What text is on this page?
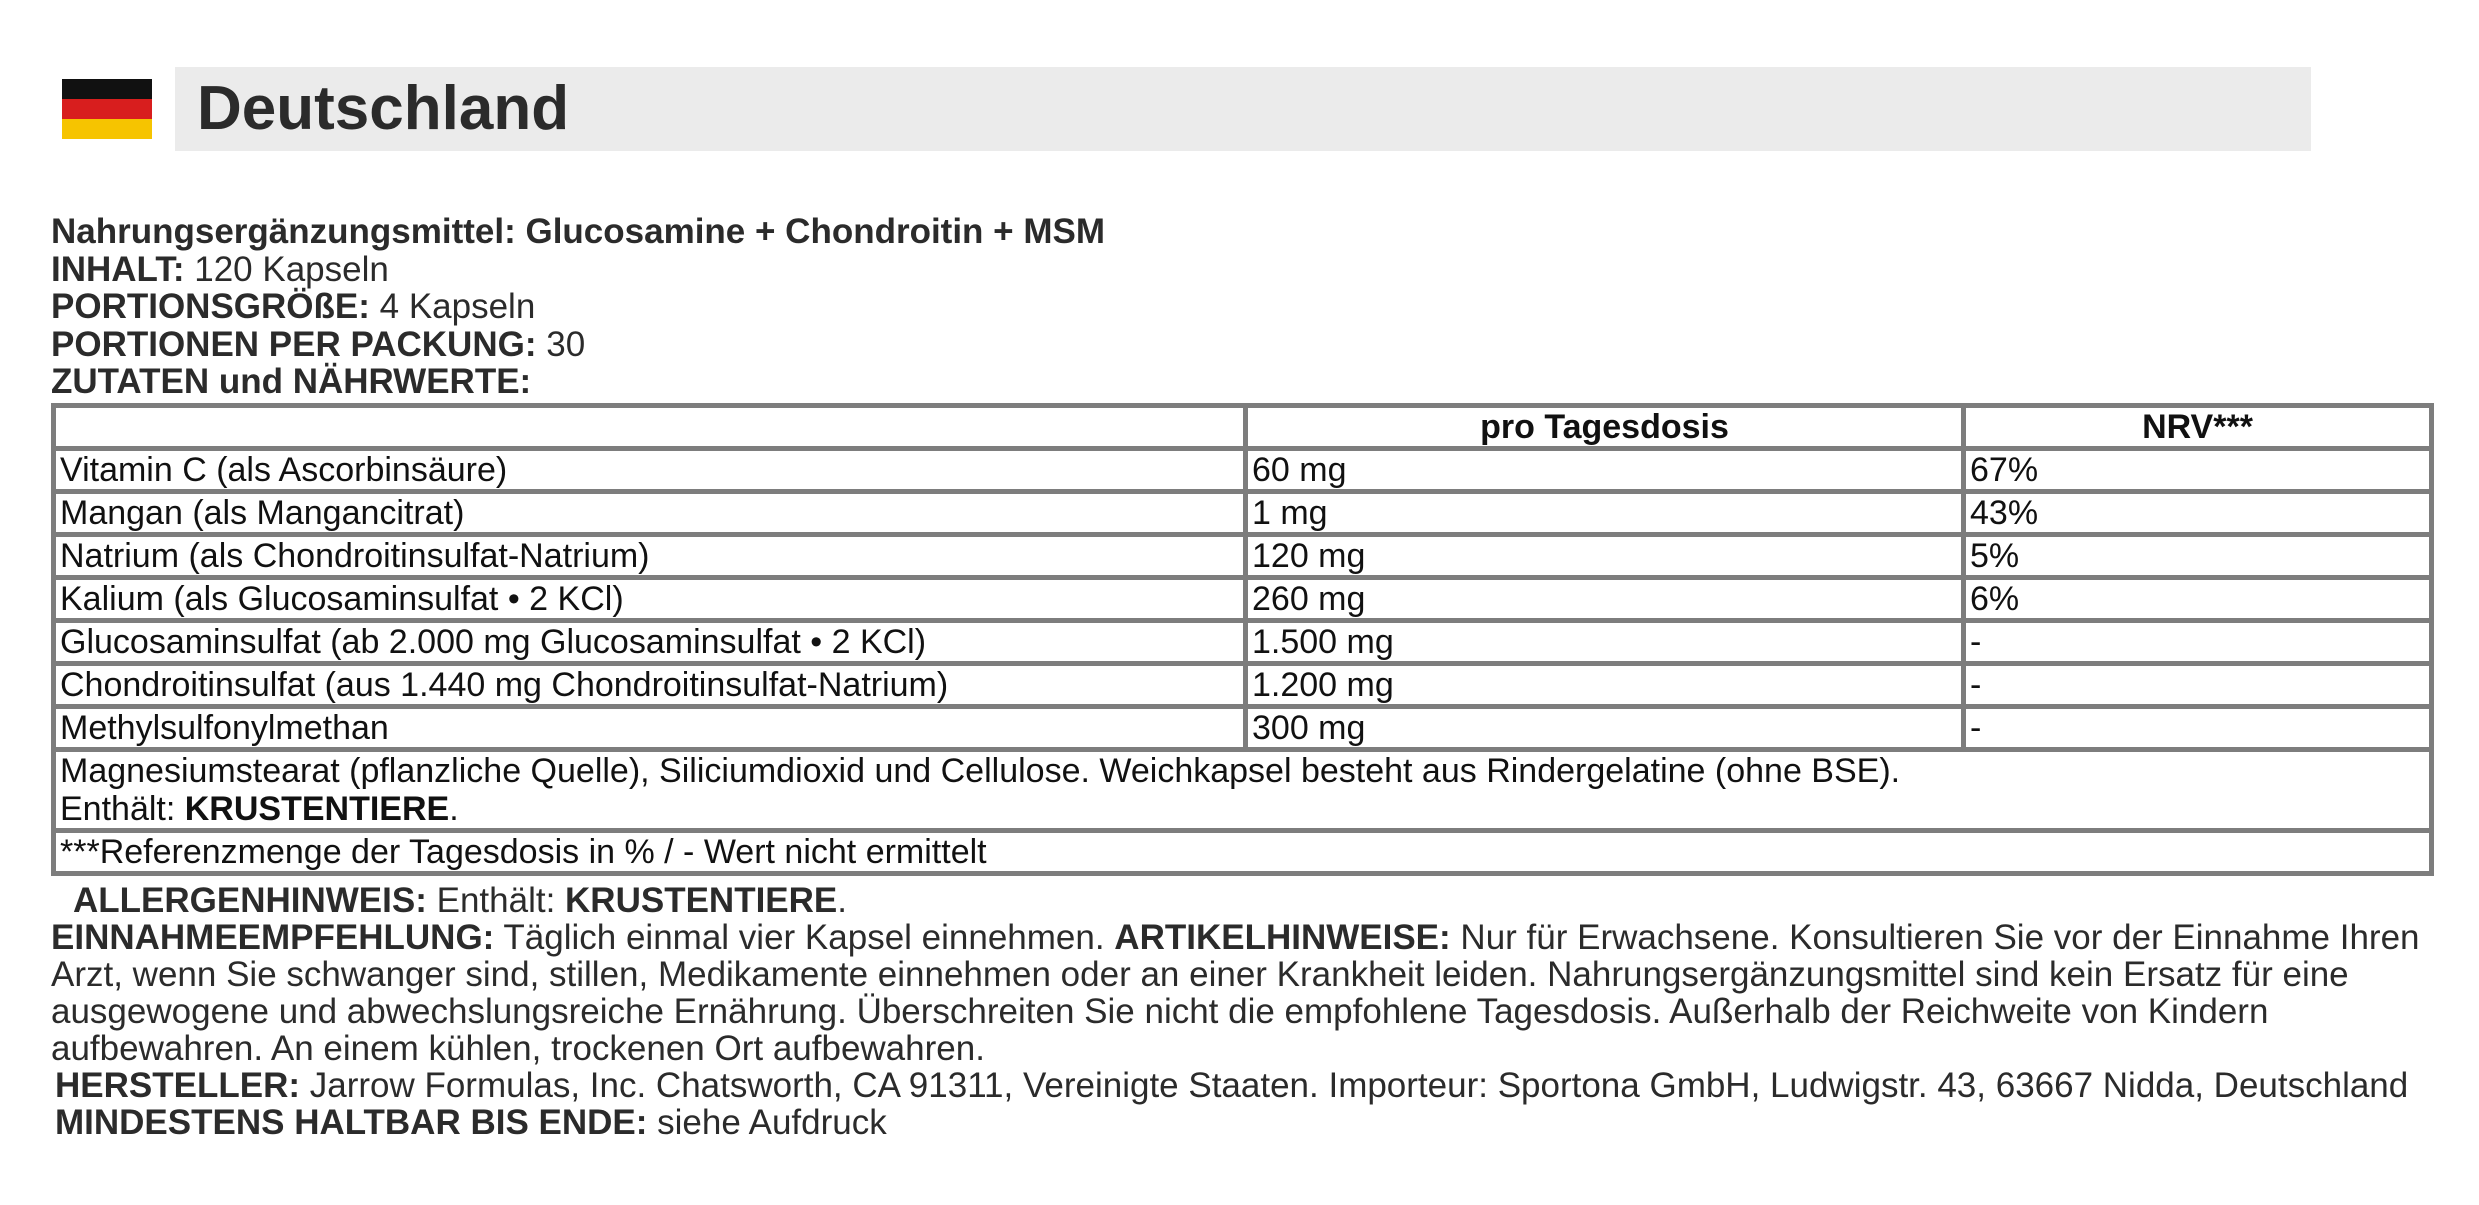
Deutschland
Nahrungsergänzungsmittel: Glucosamine + Chondroitin + MSM
INHALT: 120 Kapseln
PORTIONSGRÖßE: 4 Kapseln
PORTIONEN PER PACKUNG: 30
ZUTATEN und NÄHRWERTE:
	pro Tagesdosis	NRV***
Vitamin C (als Ascorbinsäure)	60 mg	67%
Mangan (als Mangancitrat)	1 mg	43%
Natrium (als Chondroitinsulfat-Natrium)	120 mg	5%
Kalium (als Glucosaminsulfat • 2 KCl)	260 mg	6%
Glucosaminsulfat (ab 2.000 mg Glucosaminsulfat • 2 KCl)	1.500 mg	-
Chondroitinsulfat (aus 1.440 mg Chondroitinsulfat-Natrium)	1.200 mg	-
Methylsulfonylmethan	300 mg	-

Magnesiumstearat (pflanzliche Quelle), Siliciumdioxid und Cellulose. Weichkapsel besteht aus Rindergelatine (ohne BSE).
Enthält: KRUSTENTIERE.		

***Referenzmenge der Tagesdosis in % / - Wert nicht ermittelt		

ALLERGENHINWEIS: Enthält: KRUSTENTIERE.

EINNAHMEEMPFEHLUNG: Täglich einmal vier Kapsel einnehmen. ARTIKELHINWEISE: Nur für Erwachsene. Konsultieren Sie vor der Einnahme Ihren Arzt, wenn Sie schwanger sind, stillen, Medikamente einnehmen oder an einer Krankheit leiden. Nahrungsergänzungsmittel sind kein Ersatz für eine ausgewogene und abwechslungsreiche Ernährung. Überschreiten Sie nicht die empfohlene Tagesdosis. Außerhalb der Reichweite von Kindern aufbewahren. An einem kühlen, trockenen Ort aufbewahren.

HERSTELLER: Jarrow Formulas, Inc. Chatsworth, CA 91311, Vereinigte Staaten. Importeur: Sportona GmbH, Ludwigstr. 43, 63667 Nidda, Deutschland

MINDESTENS HALTBAR BIS ENDE: siehe Aufdruck
